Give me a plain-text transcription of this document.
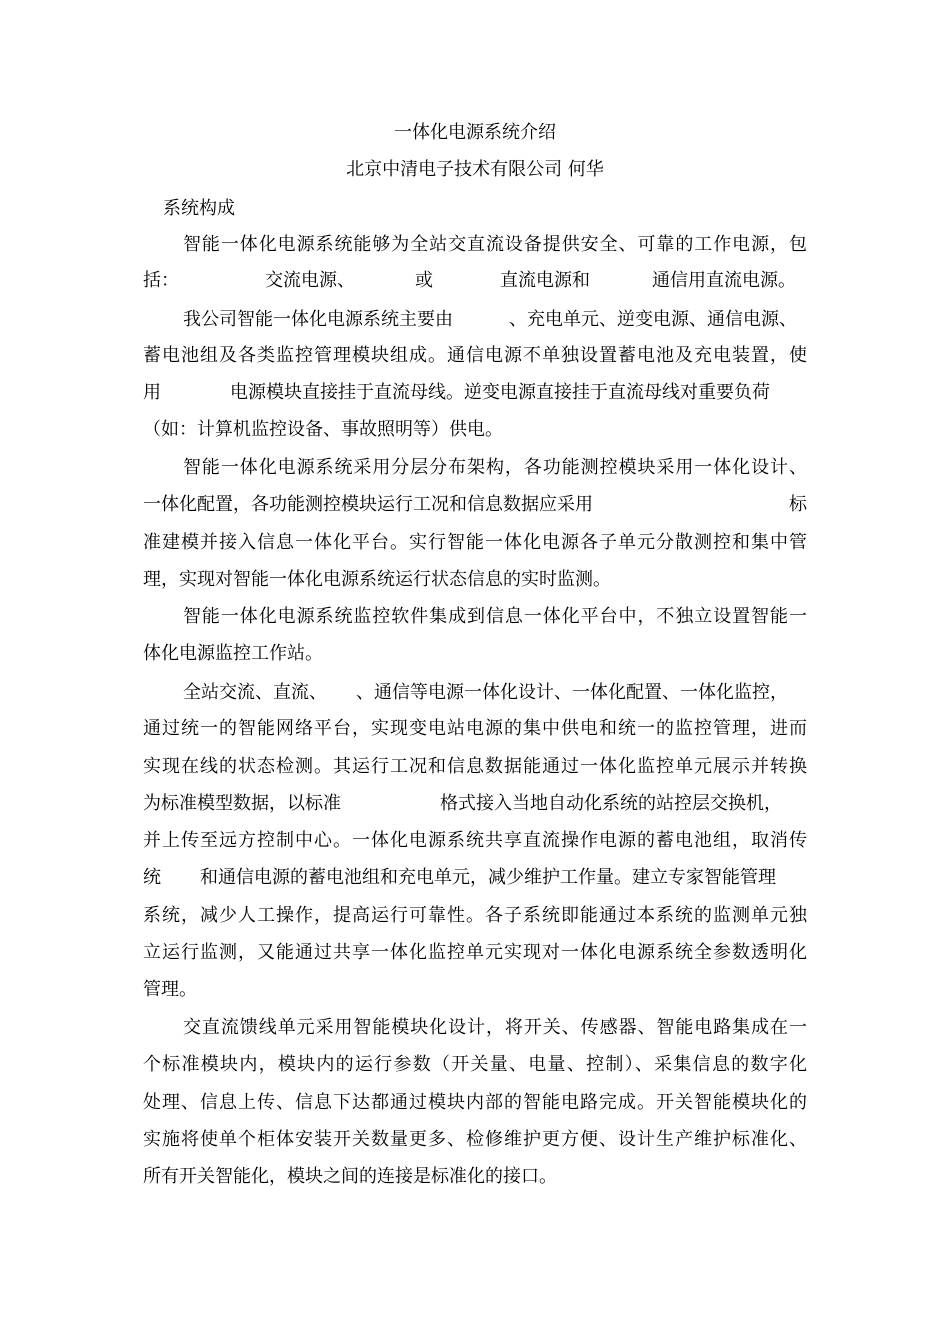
一体化电源系统介绍
北京中清电子技术有限公司 何华
系统构成
智能一体化电源系统能够为全站交直流设备提供安全、可靠的工作电源，包
括：	交流电源、	或	直流电源和	通信用直流电源。
我公司智能一体化电源系统主要由	、充电单元、逆变电源、通信电源、
蓄电池组及各类监控管理模块组成。通信电源不单独设置蓄电池及充电装置，使
用	电源模块直接挂于直流母线。逆变电源直接挂于直流母线对重要负荷
（如：计算机监控设备、事故照明等）供电。
智能一体化电源系统采用分层分布架构，各功能测控模块采用一体化设计、
一体化配置，各功能测控模块运行工况和信息数据应采用	标
准建模并接入信息一体化平台。实行智能一体化电源各子单元分散测控和集中管
理，实现对智能一体化电源系统运行状态信息的实时监测。
智能一体化电源系统监控软件集成到信息一体化平台中，不独立设置智能一
体化电源监控工作站。
全站交流、直流、 、通信等电源一体化设计、一体化配置、一体化监控，
通过统一的智能网络平台，实现变电站电源的集中供电和统一的监控管理，进而
实现在线的状态检测。其运行工况和信息数据能通过一体化监控单元展示并转换
为标准模型数据，以标准	格式接入当地自动化系统的站控层交换机，
并上传至远方控制中心。一体化电源系统共享直流操作电源的蓄电池组，取消传
统 和通信电源的蓄电池组和充电单元，减少维护工作量。建立专家智能管理
系统，减少人工操作，提高运行可靠性。各子系统即能通过本系统的监测单元独
立运行监测，又能通过共享一体化监控单元实现对一体化电源系统全参数透明化
管理。
交直流馈线单元采用智能模块化设计，将开关、传感器、智能电路集成在一
个标准模块内，模块内的运行参数（开关量、电量、控制）、采集信息的数字化
处理、信息上传、信息下达都通过模块内部的智能电路完成。开关智能模块化的
实施将使单个柜体安装开关数量更多、检修维护更方便、设计生产维护标准化、
所有开关智能化，模块之间的连接是标准化的接口。
